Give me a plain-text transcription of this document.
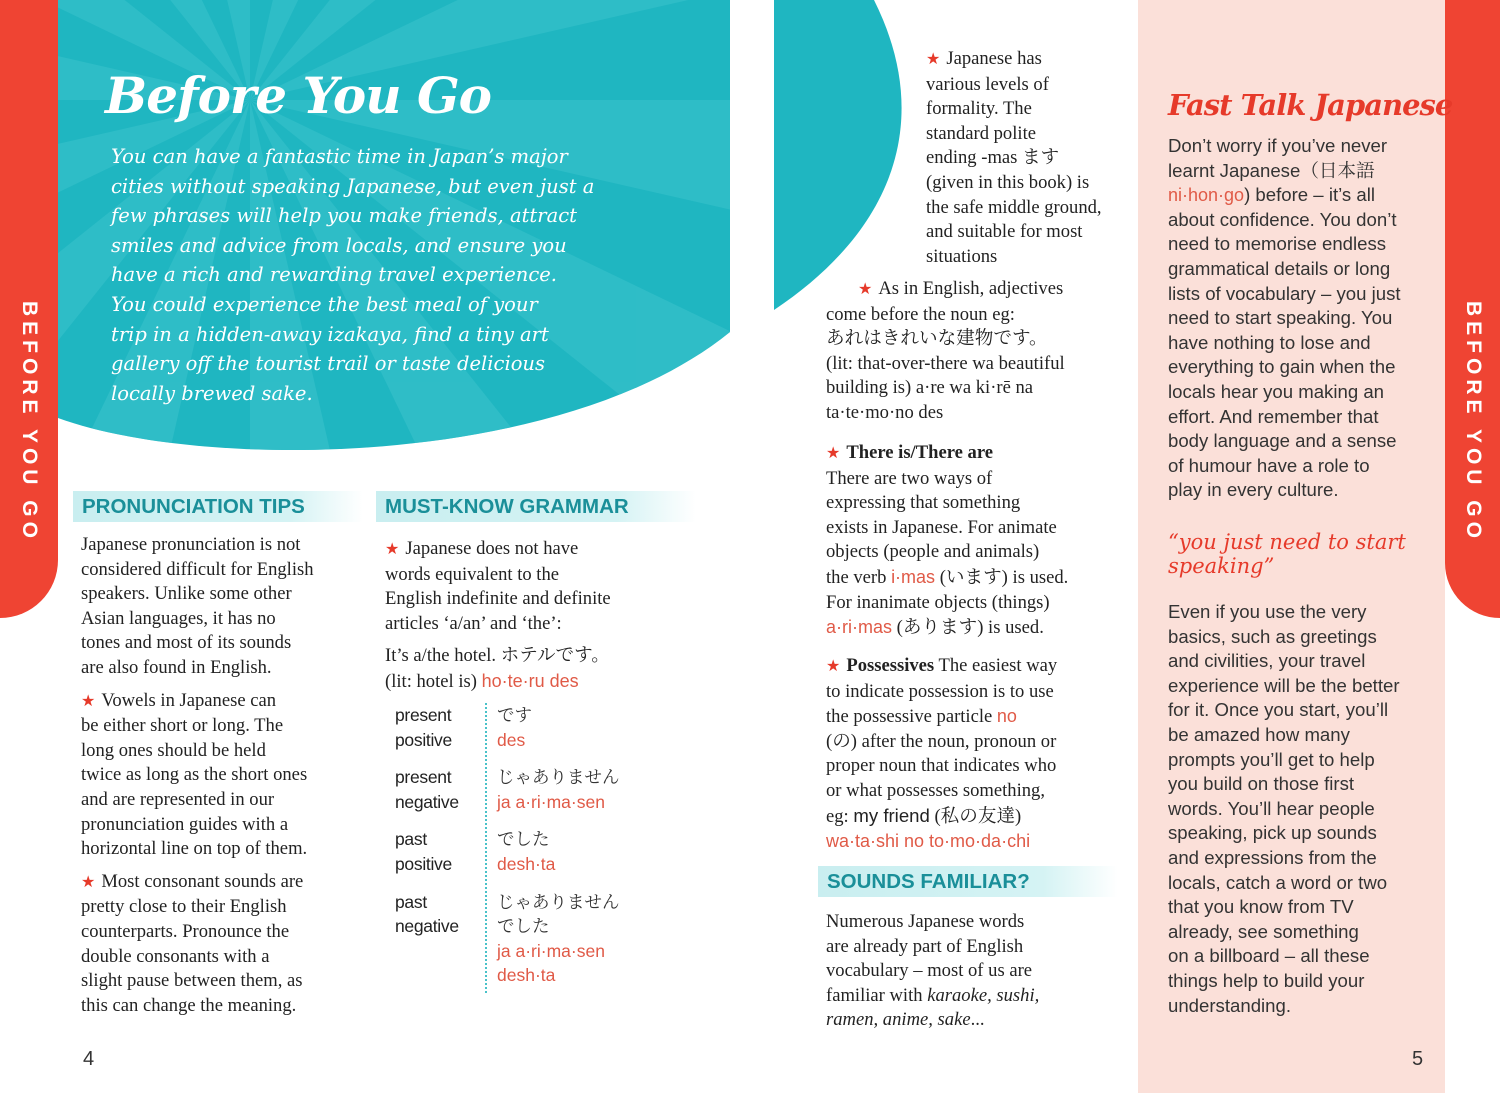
BEFORE YOU GO	BEFORE YOU GO
Before You Go
You can have a fantastic time in Japan’s major
cities without speaking Japanese, but even just a
few phrases will help you make friends, attract
smiles and advice from locals, and ensure you
have a rich and rewarding travel experience.
You could experience the best meal of your
trip in a hidden-away izakaya, find a tiny art
gallery off the tourist trail or taste delicious
locally brewed sake.
PRONUNCIATION TIPS
Japanese pronunciation is not
considered difficult for English
speakers. Unlike some other
Asian languages, it has no
tones and most of its sounds
are also found in English.
★ Vowels in Japanese can
be either short or long. The
long ones should be held
twice as long as the short ones
and are represented in our
pronunciation guides with a
horizontal line on top of them.
★ Most consonant sounds are
pretty close to their English
counterparts. Pronounce the
double consonants with a
slight pause between them, as
this can change the meaning.
MUST-KNOW GRAMMAR
★ Japanese does not have
words equivalent to the
English indefinite and definite
articles ‘a/an’ and ‘the’:
It’s a/the hotel. ホテルです。
(lit: hotel is) ho·te·ru des
present
positive
です
des
present
negative
じゃありません
ja a·ri·ma·sen
past
positive
でした
desh·ta
past
negative
じゃありません
でした
ja a·ri·ma·sen
desh·ta
★ Japanese has
various levels of
formality. The
standard polite
ending -mas ます
(given in this book) is
the safe middle ground,
and suitable for most
situations
★ As in English, adjectives
come before the noun eg:
あれはきれいな建物です。
(lit: that-over-there wa beautiful
building is) a·re wa ki·rē na
ta·te·mo·no des
★ There is/There are
There are two ways of
expressing that something
exists in Japanese. For animate
objects (people and animals)
the verb i·mas (います) is used.
For inanimate objects (things)
a·ri·mas (あります) is used.
★ Possessives The easiest way
to indicate possession is to use
the possessive particle no
(の) after the noun, pronoun or
proper noun that indicates who
or what possesses something,
eg: my friend (私の友達)
wa·ta·shi no to·mo·da·chi
SOUNDS FAMILIAR?
Numerous Japanese words
are already part of English
vocabulary – most of us are
familiar with karaoke, sushi,
ramen, anime, sake...
Fast Talk Japanese
Don’t worry if you’ve never
learnt Japanese（日本語
ni·hon·go) before – it’s all
about confidence. You don’t
need to memorise endless
grammatical details or long
lists of vocabulary – you just
need to start speaking. You
have nothing to lose and
everything to gain when the
locals hear you making an
effort. And remember that
body language and a sense
of humour have a role to
play in every culture.
“you just need to start
speaking”
Even if you use the very
basics, such as greetings
and civilities, your travel
experience will be the better
for it. Once you start, you’ll
be amazed how many
prompts you’ll get to help
you build on those first
words. You’ll hear people
speaking, pick up sounds
and expressions from the
locals, catch a word or two
that you know from TV
already, see something
on a billboard – all these
things help to build your
understanding.
4	5
